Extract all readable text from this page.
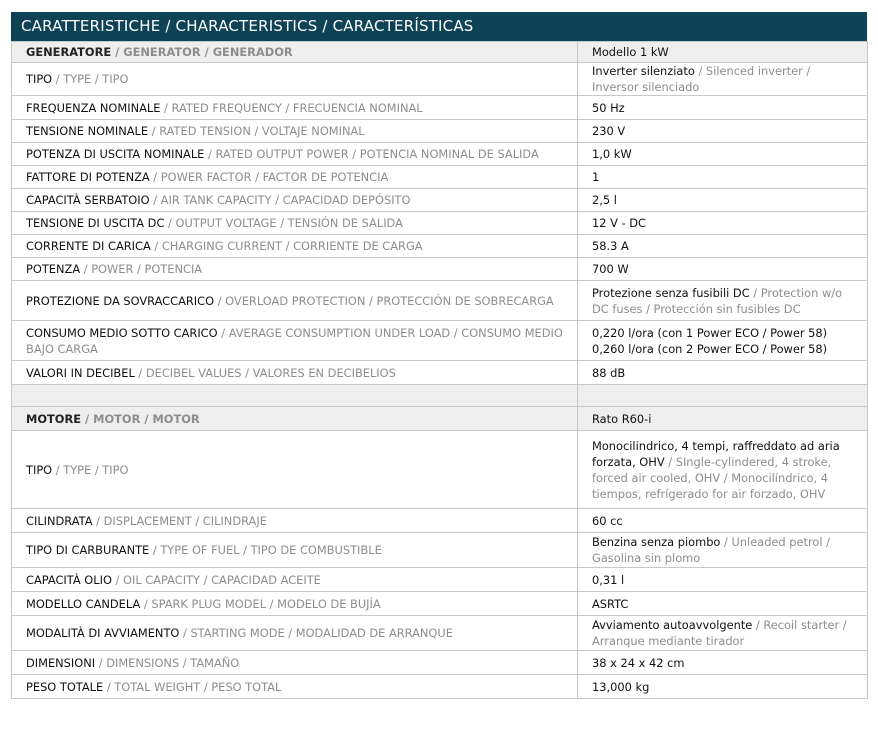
CARATTERISTICHE / CHARACTERISTICS / CARACTERÍSTICAS
GENERATORE / GENERATOR / GENERADOR	Modello 1 kW
TIPO / TYPE / TIPO	Inverter silenziato / Silenced inverter / Inversor silenciado
FREQUENZA NOMINALE / RATED FREQUENCY / FRECUENCIA NOMINAL	50 Hz
TENSIONE NOMINALE / RATED TENSION / VOLTAJE NOMINAL	230 V
POTENZA DI USCITA NOMINALE / RATED OUTPUT POWER / POTENCIA NOMINAL DE SALIDA	1,0 kW
FATTORE DI POTENZA / POWER FACTOR / FACTOR DE POTENCIA	1
CAPACITÀ SERBATOIO / AIR TANK CAPACITY / CAPACIDAD DEPÓSITO	2,5 l
TENSIONE DI USCITA DC / OUTPUT VOLTAGE / TENSIÓN DE SALIDA	12 V - DC
CORRENTE DI CARICA / CHARGING CURRENT / CORRIENTE DE CARGA	58.3 A
POTENZA / POWER / POTENCIA	700 W
PROTEZIONE DA SOVRACCARICO / OVERLOAD PROTECTION / PROTECCIÓN DE SOBRECARGA	Protezione senza fusibili DC / Protection w/o DC fuses / Protección sin fusibles DC
CONSUMO MEDIO SOTTO CARICO / AVERAGE CONSUMPTION UNDER LOAD / CONSUMO MEDIO BAJO CARGA	0,220 l/ora (con 1 Power ECO / Power 58)
0,260 l/ora (con 2 Power ECO / Power 58)
VALORI IN DECIBEL / DECIBEL VALUES / VALORES EN DECIBELIOS	88 dB

MOTORE / MOTOR / MOTOR	Rato R60-i
TIPO / TYPE / TIPO	Monocilindrico, 4 tempi, raffreddato ad aria forzata, OHV / SIngle-cylindered, 4 stroke, forced air cooled, OHV / Monocilíndrico, 4 tiempos, refrígerado for air forzado, OHV
CILINDRATA / DISPLACEMENT / CILINDRAJE	60 cc
TIPO DI CARBURANTE / TYPE OF FUEL / TIPO DE COMBUSTIBLE	Benzina senza piombo / Unleaded petrol / Gasolina sin plomo
CAPACITÀ OLIO / OIL CAPACITY / CAPACIDAD ACEITE	0,31 l
MODELLO CANDELA / SPARK PLUG MODEL / MODELO DE BUJÍA	ASRTC
MODALITÀ DI AVVIAMENTO / STARTING MODE / MODALIDAD DE ARRANQUE	Avviamento autoavvolgente / Recoil starter / Arranque mediante tirador
DIMENSIONI / DIMENSIONS / TAMAÑO	38 x 24 x 42 cm
PESO TOTALE / TOTAL WEIGHT / PESO TOTAL	13,000 kg
